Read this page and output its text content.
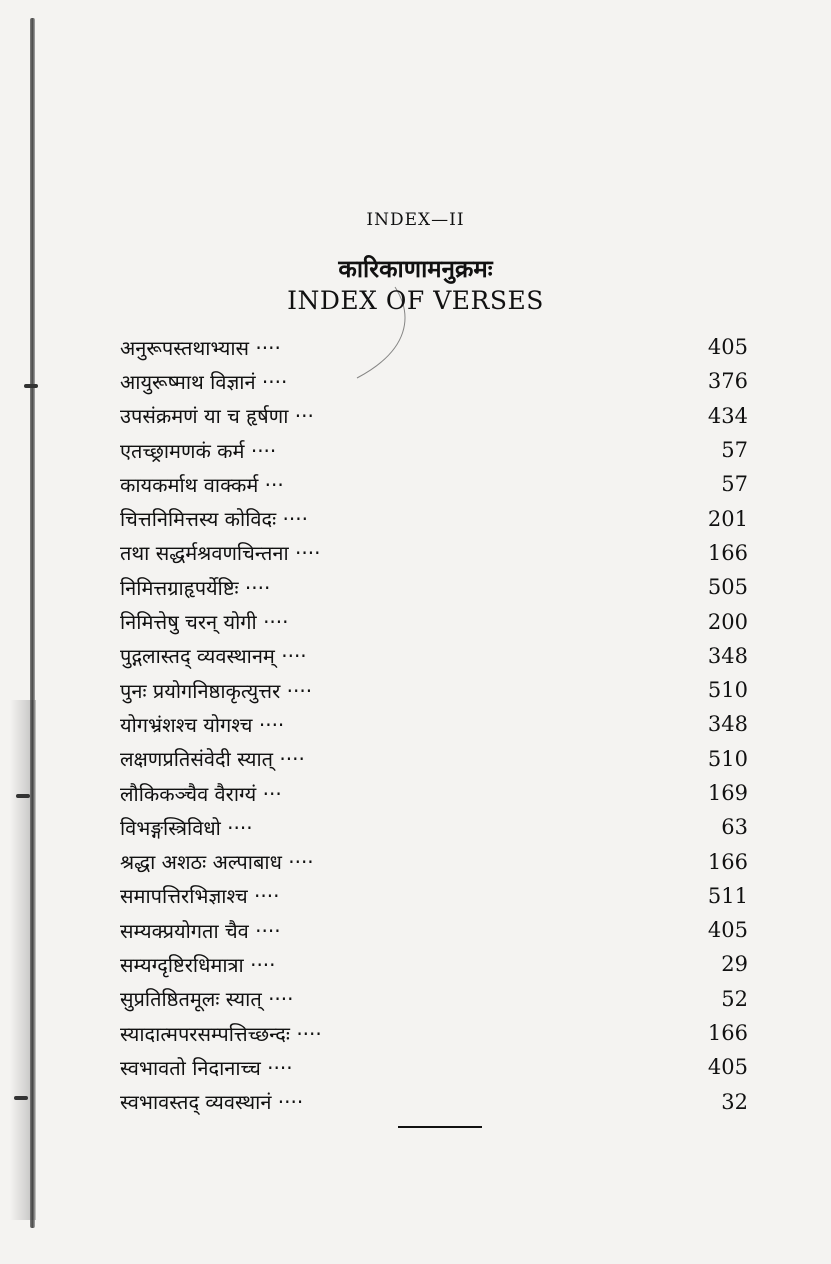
INDEX—II
कारिकाणामनुक्रमः
INDEX OF VERSES
अनुरूपस्तथाभ्यास ····	405
आयुरूष्माथ विज्ञानं ····	376
उपसंक्रमणं या च हृर्षणा ···	434
एतच्छ्रामणकं कर्म ····	57
कायकर्माथ वाक्कर्म ···	57
चित्तनिमित्तस्य कोविदः ····	201
तथा सद्धर्मश्रवणचिन्तना ····	166
निमित्तग्राहृपर्येष्टिः ····	505
निमित्तेषु चरन् योगी ····	200
पुद्गलास्तद् व्यवस्थानम् ····	348
पुनः प्रयोगनिष्ठाकृत्युत्तर ····	510
योगभ्रंशश्च योगश्च ····	348
लक्षणप्रतिसंवेदी स्यात् ····	510
लौकिकञ्चैव वैराग्यं ···	169
विभङ्गस्त्रिविधो ····	63
श्रद्धा अशठः अल्पाबाध ····	166
समापत्तिरभिज्ञाश्च ····	511
सम्यक्प्रयोगता चैव ····	405
सम्यग्दृष्टिरधिमात्रा ····	29
सुप्रतिष्ठितमूलः स्यात् ····	52
स्यादात्मपरसम्पत्तिच्छन्दः ····	166
स्वभावतो निदानाच्च ····	405
स्वभावस्तद् व्यवस्थानं ····	32
